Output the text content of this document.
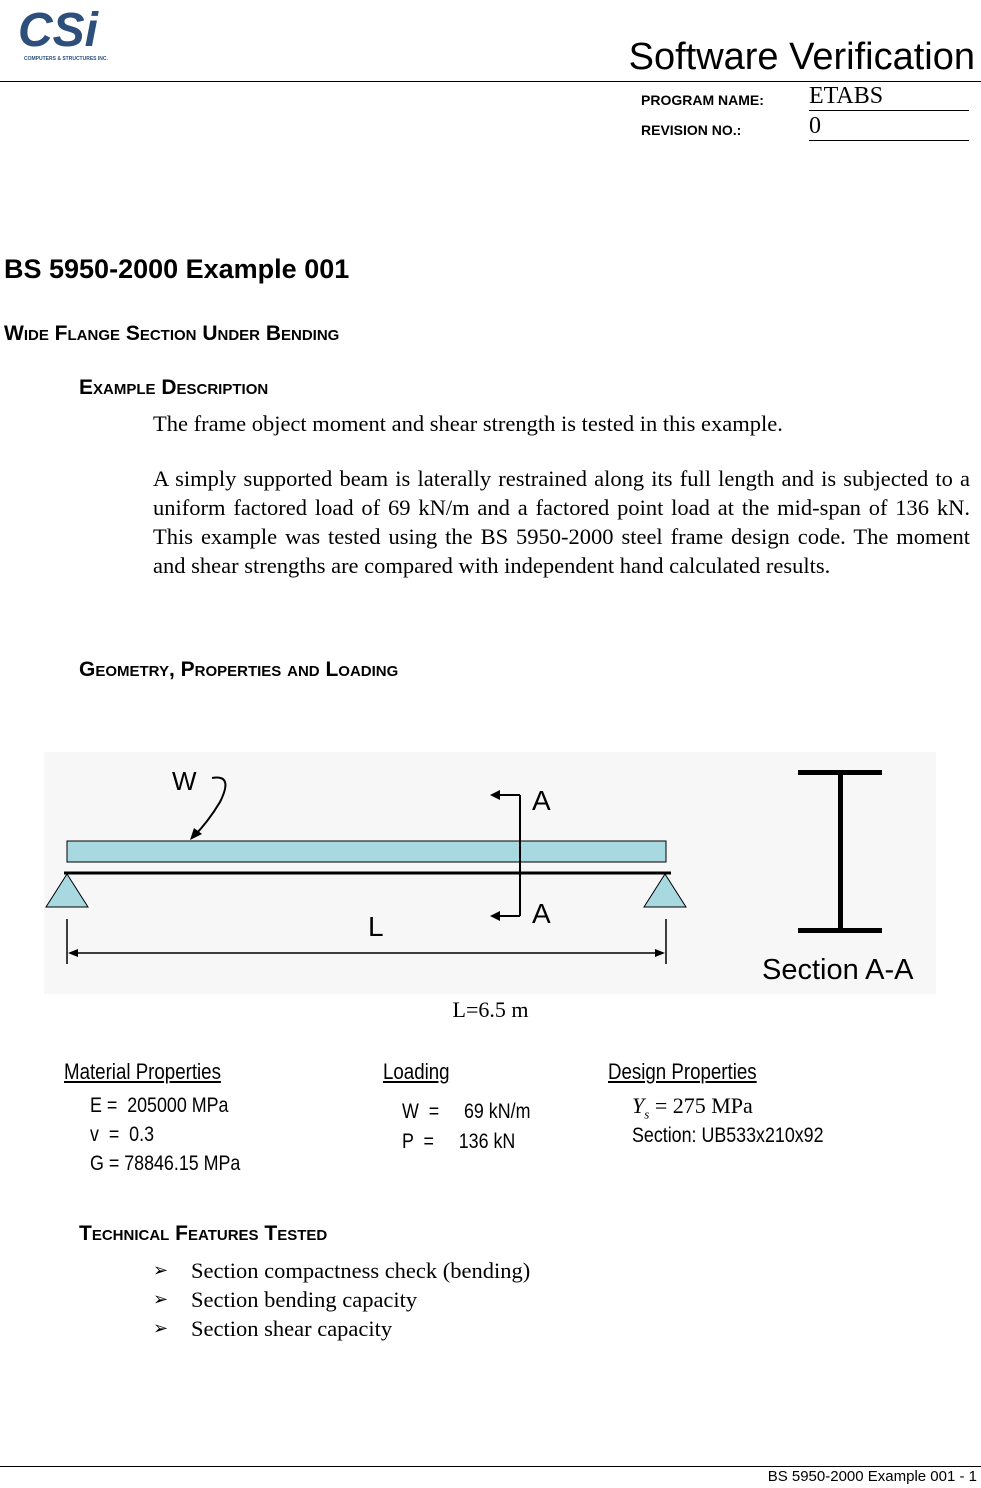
CSi
COMPUTERS & STRUCTURES INC.	Software Verification
PROGRAM NAME: ETABS
REVISION NO.:	0
BS 5950-2000 Example 001
Wide Flange Section Under Bending
Example Description
The frame object moment and shear strength is tested in this example.
A simply supported beam is laterally restrained along its full length and is subjected to a uniform factored load of 69 kN/m and a factored point load at the mid-span of 136 kN. This example was tested using the BS 5950-2000 steel frame design code. The moment and shear strengths are compared with independent hand calculated results.
Geometry, Properties and Loading
W
A
A
L
Section A-A
L=6.5 m
Material Properties
E =  205000 MPa
v  =  0.3
G = 78846.15 MPa
Loading
W  =     69 kN/m
P  =     136 kN
Design Properties
$Y_s = 275$ MPa
Section: UB533x210x92
Technical Features Tested
➢	Section compactness check (bending)
➢	Section bending capacity
➢	Section shear capacity
BS 5950-2000 Example 001 - 1
